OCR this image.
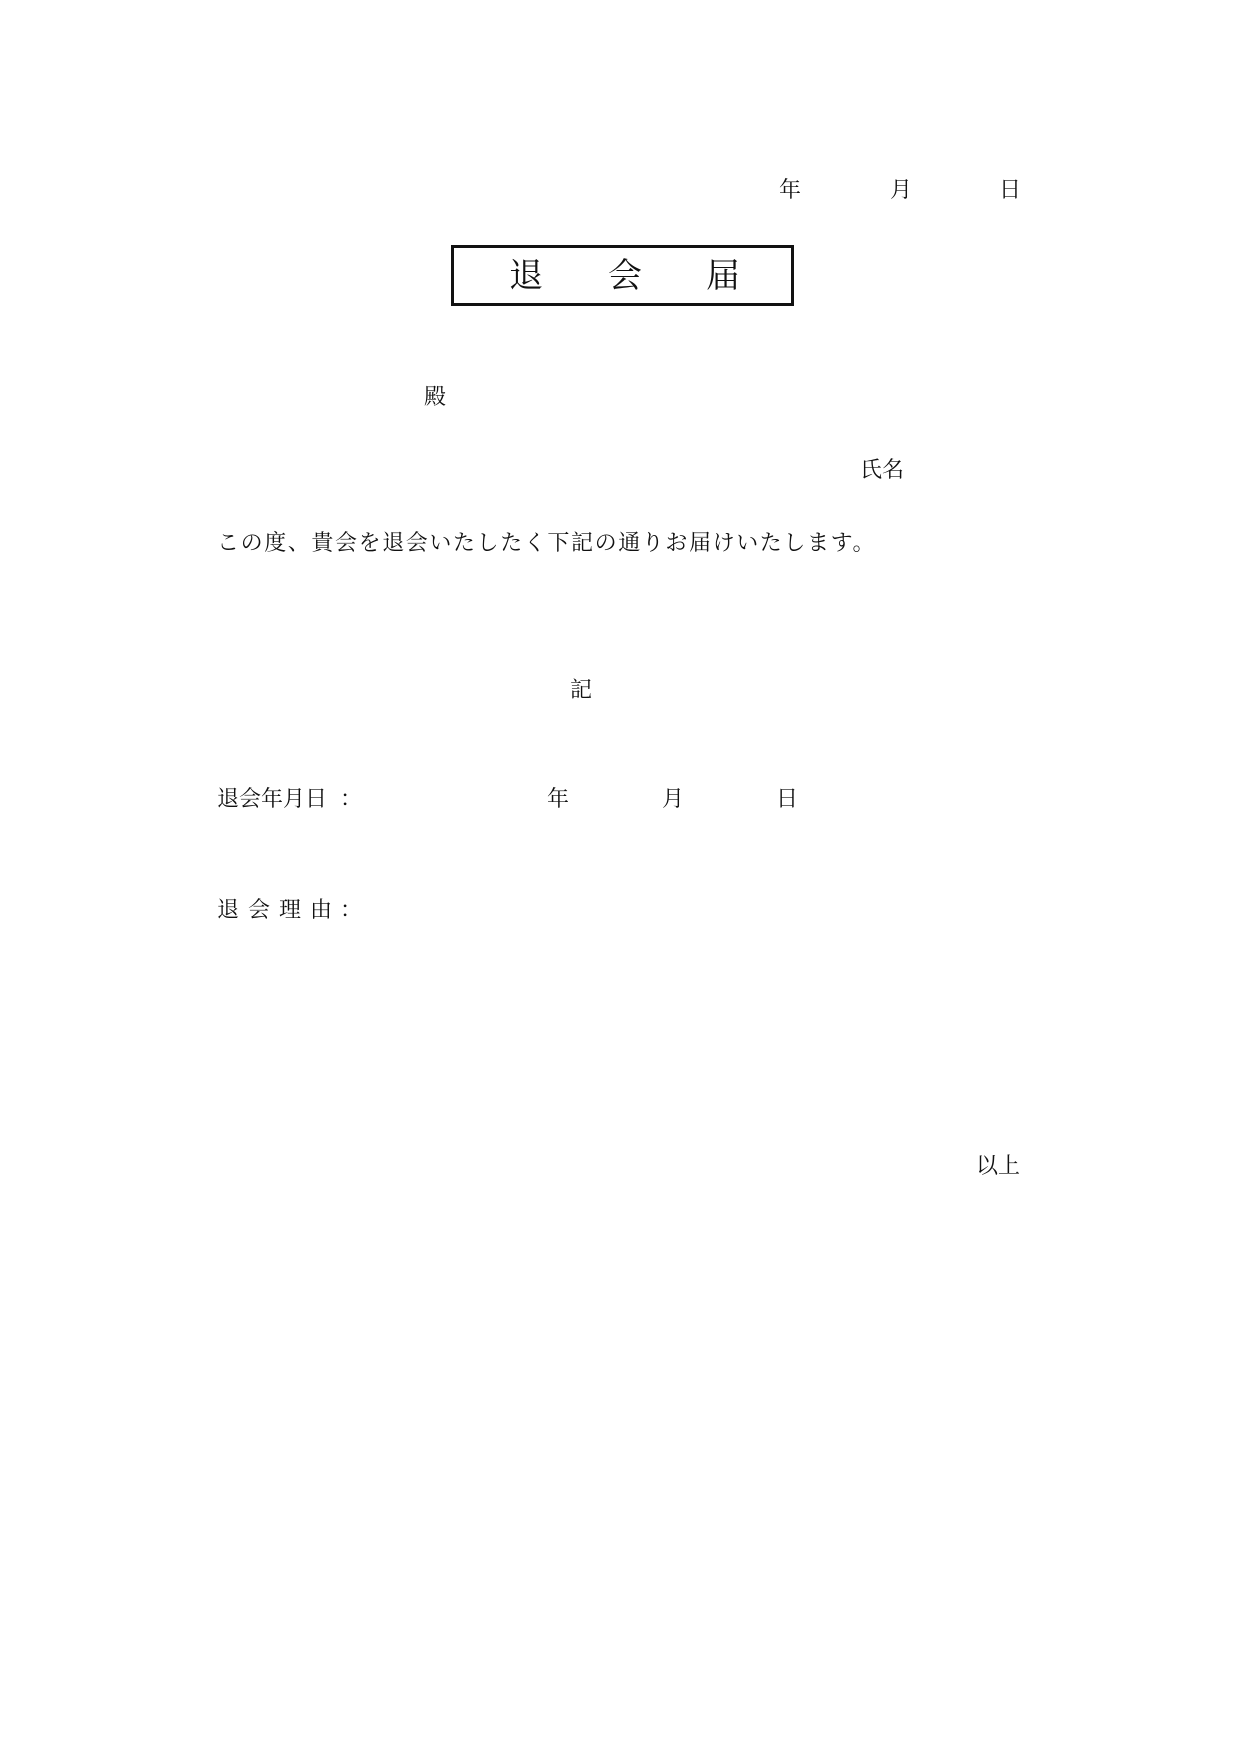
年	月	日
退 会 届
殿
氏名
この度、貴会を退会いたしたく下記の通りお届けいたします。
記
退会年月日 ：	年	月	日
退会理由
：
以上
